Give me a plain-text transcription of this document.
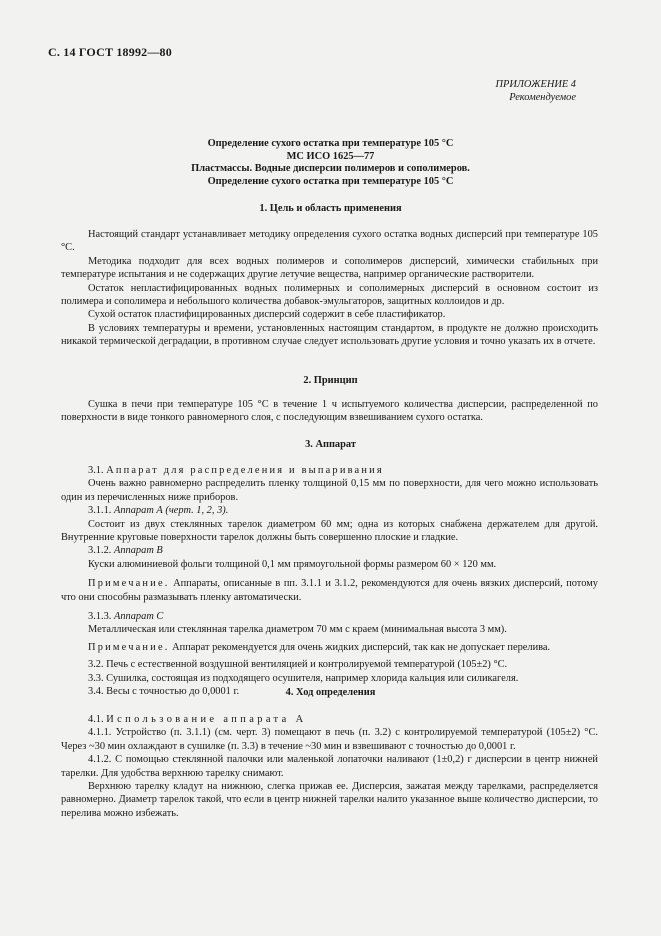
С. 14 ГОСТ 18992—80
ПРИЛОЖЕНИЕ 4
Рекомендуемое
Определение сухого остатка при температуре 105 °С
МС ИСО 1625—77
Пластмассы. Водные дисперсии полимеров и сополимеров.
Определение сухого остатка при температуре 105 °С
1. Цель и область применения
Настоящий стандарт устанавливает методику определения сухого остатка водных дисперсий при температуре 105 °С.
Методика подходит для всех водных полимеров и сополимеров дисперсий, химически стабильных при температуре испытания и не содержащих другие летучие вещества, например органические растворители.
Остаток непластифицированных водных полимерных и сополимерных дисперсий в основном состоит из полимера и сополимера и небольшого количества добавок-эмульгаторов, защитных коллоидов и др.
Сухой остаток пластифицированных дисперсий содержит в себе пластификатор.
В условиях температуры и времени, установленных настоящим стандартом, в продукте не должно происходить никакой термической деградации, в противном случае следует использовать другие условия и точно указать их в отчете.
2. Принцип
Сушка в печи при температуре 105 °С в течение 1 ч испытуемого количества дисперсии, распределенной по поверхности в виде тонкого равномерного слоя, с последующим взвешиванием сухого остатка.
3. Аппарат
3.1. Аппарат для распределения и выпаривания
Очень важно равномерно распределить пленку толщиной 0,15 мм по поверхности, для чего можно использовать один из перечисленных ниже приборов.
3.1.1. Аппарат А (черт. 1, 2, 3).
Состоит из двух стеклянных тарелок диаметром 60 мм; одна из которых снабжена держателем для другой. Внутренние круговые поверхности тарелок должны быть совершенно плоские и гладкие.
3.1.2. Аппарат В
Куски алюминиевой фольги толщиной 0,1 мм прямоугольной формы размером 60 × 120 мм.
Примечание. Аппараты, описанные в пп. 3.1.1 и 3.1.2, рекомендуются для очень вязких дисперсий, потому что они способны размазывать пленку автоматически.
3.1.3. Аппарат С
Металлическая или стеклянная тарелка диаметром 70 мм с краем (минимальная высота 3 мм).
Примечание. Аппарат рекомендуется для очень жидких дисперсий, так как не допускает перелива.
3.2. Печь с естественной воздушной вентиляцией и контролируемой температурой (105±2) °С.
3.3. Сушилка, состоящая из подходящего осушителя, например хлорида кальция или силикагеля.
3.4. Весы с точностью до 0,0001 г.	4. Ход определения
4.1. Использование аппарата А
4.1.1. Устройство (п. 3.1.1) (см. черт. 3) помещают в печь (п. 3.2) с контролируемой температурой (105±2) °С. Через ~30 мин охлаждают в сушилке (п. 3.3) в течение ~30 мин и взвешивают с точностью до 0,0001 г.
4.1.2. С помощью стеклянной палочки или маленькой лопаточки наливают (1±0,2) г дисперсии в центр нижней тарелки. Для удобства верхнюю тарелку снимают.
Верхнюю тарелку кладут на нижнюю, слегка прижав ее. Дисперсия, зажатая между тарелками, распределяется равномерно. Диаметр тарелок такой, что если в центр нижней тарелки налито указанное выше количество дисперсии, то перелива можно избежать.
